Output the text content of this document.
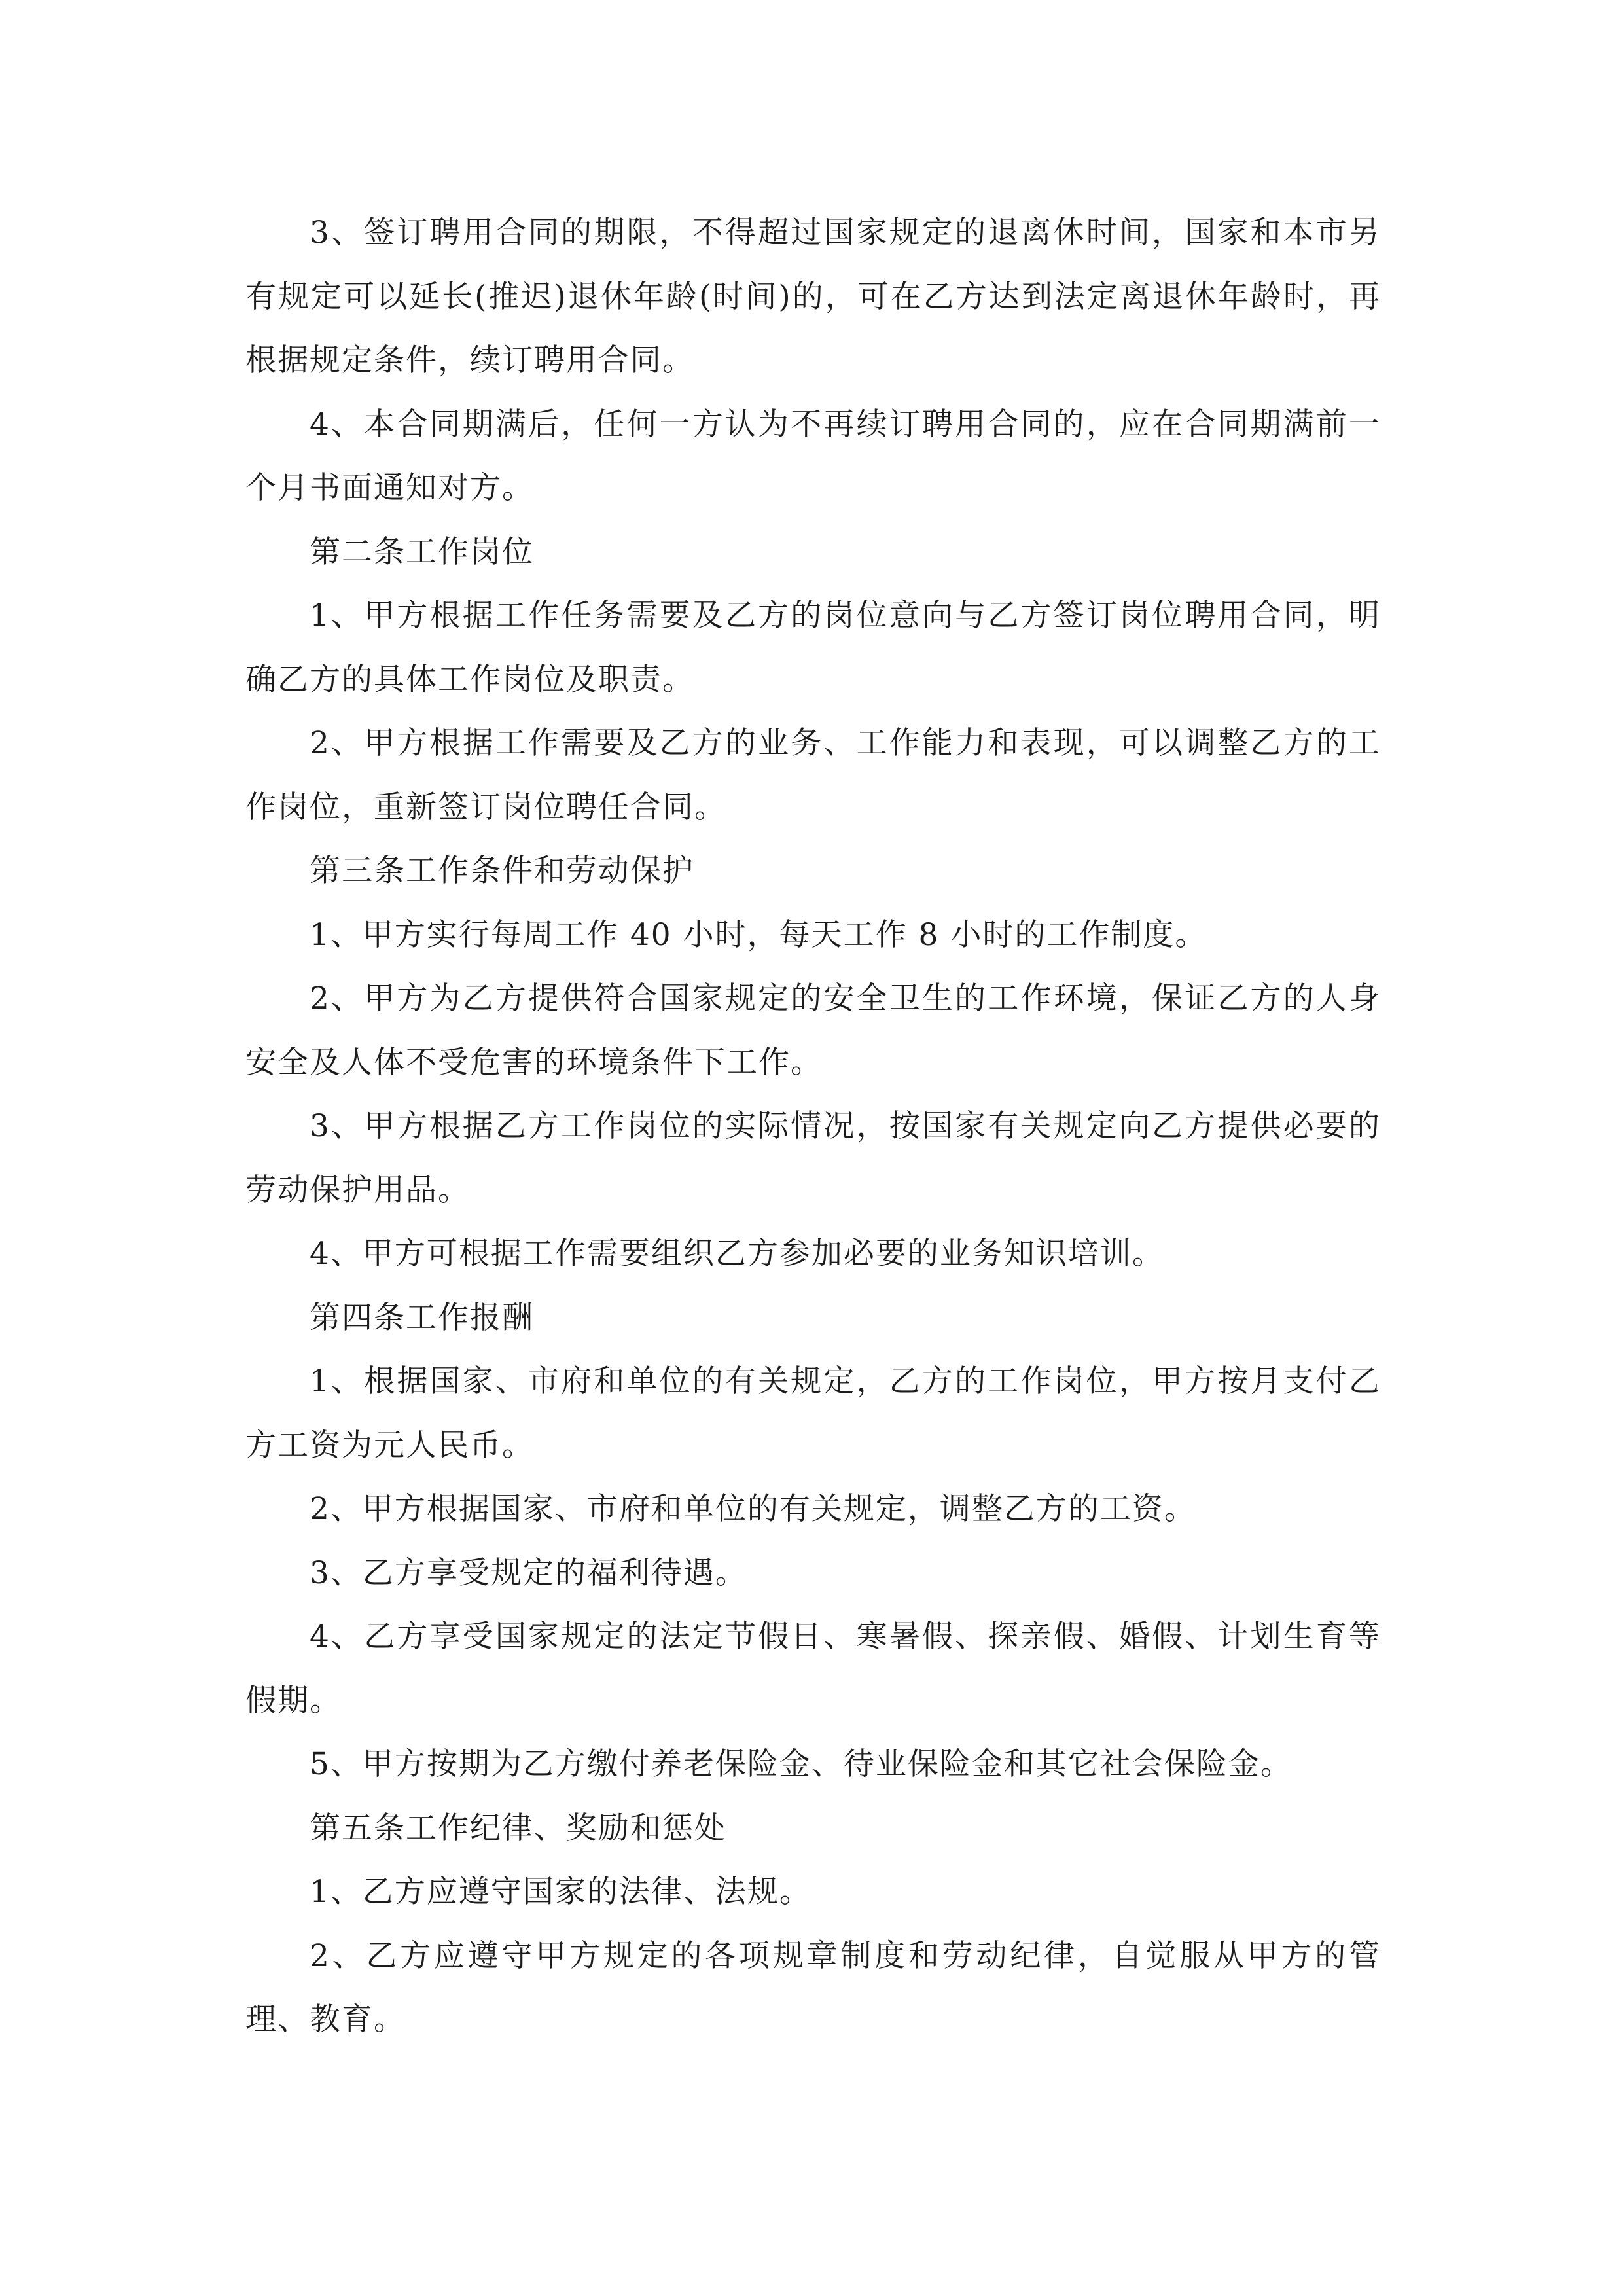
3、签订聘用合同的期限，不得超过国家规定的退离休时间，国家和本市另有规定可以延长(推迟)退休年龄(时间)的，可在乙方达到法定离退休年龄时，再根据规定条件，续订聘用合同。

4、本合同期满后，任何一方认为不再续订聘用合同的，应在合同期满前一个月书面通知对方。

第二条工作岗位

1、甲方根据工作任务需要及乙方的岗位意向与乙方签订岗位聘用合同，明确乙方的具体工作岗位及职责。

2、甲方根据工作需要及乙方的业务、工作能力和表现，可以调整乙方的工作岗位，重新签订岗位聘任合同。

第三条工作条件和劳动保护

1、甲方实行每周工作 40 小时，每天工作 8 小时的工作制度。

2、甲方为乙方提供符合国家规定的安全卫生的工作环境，保证乙方的人身安全及人体不受危害的环境条件下工作。

3、甲方根据乙方工作岗位的实际情况，按国家有关规定向乙方提供必要的劳动保护用品。

4、甲方可根据工作需要组织乙方参加必要的业务知识培训。

第四条工作报酬

1、根据国家、市府和单位的有关规定，乙方的工作岗位，甲方按月支付乙方工资为元人民币。

2、甲方根据国家、市府和单位的有关规定，调整乙方的工资。

3、乙方享受规定的福利待遇。

4、乙方享受国家规定的法定节假日、寒暑假、探亲假、婚假、计划生育等假期。

5、甲方按期为乙方缴付养老保险金、待业保险金和其它社会保险金。

第五条工作纪律、奖励和惩处

1、乙方应遵守国家的法律、法规。

2、乙方应遵守甲方规定的各项规章制度和劳动纪律，自觉服从甲方的管理、教育。
